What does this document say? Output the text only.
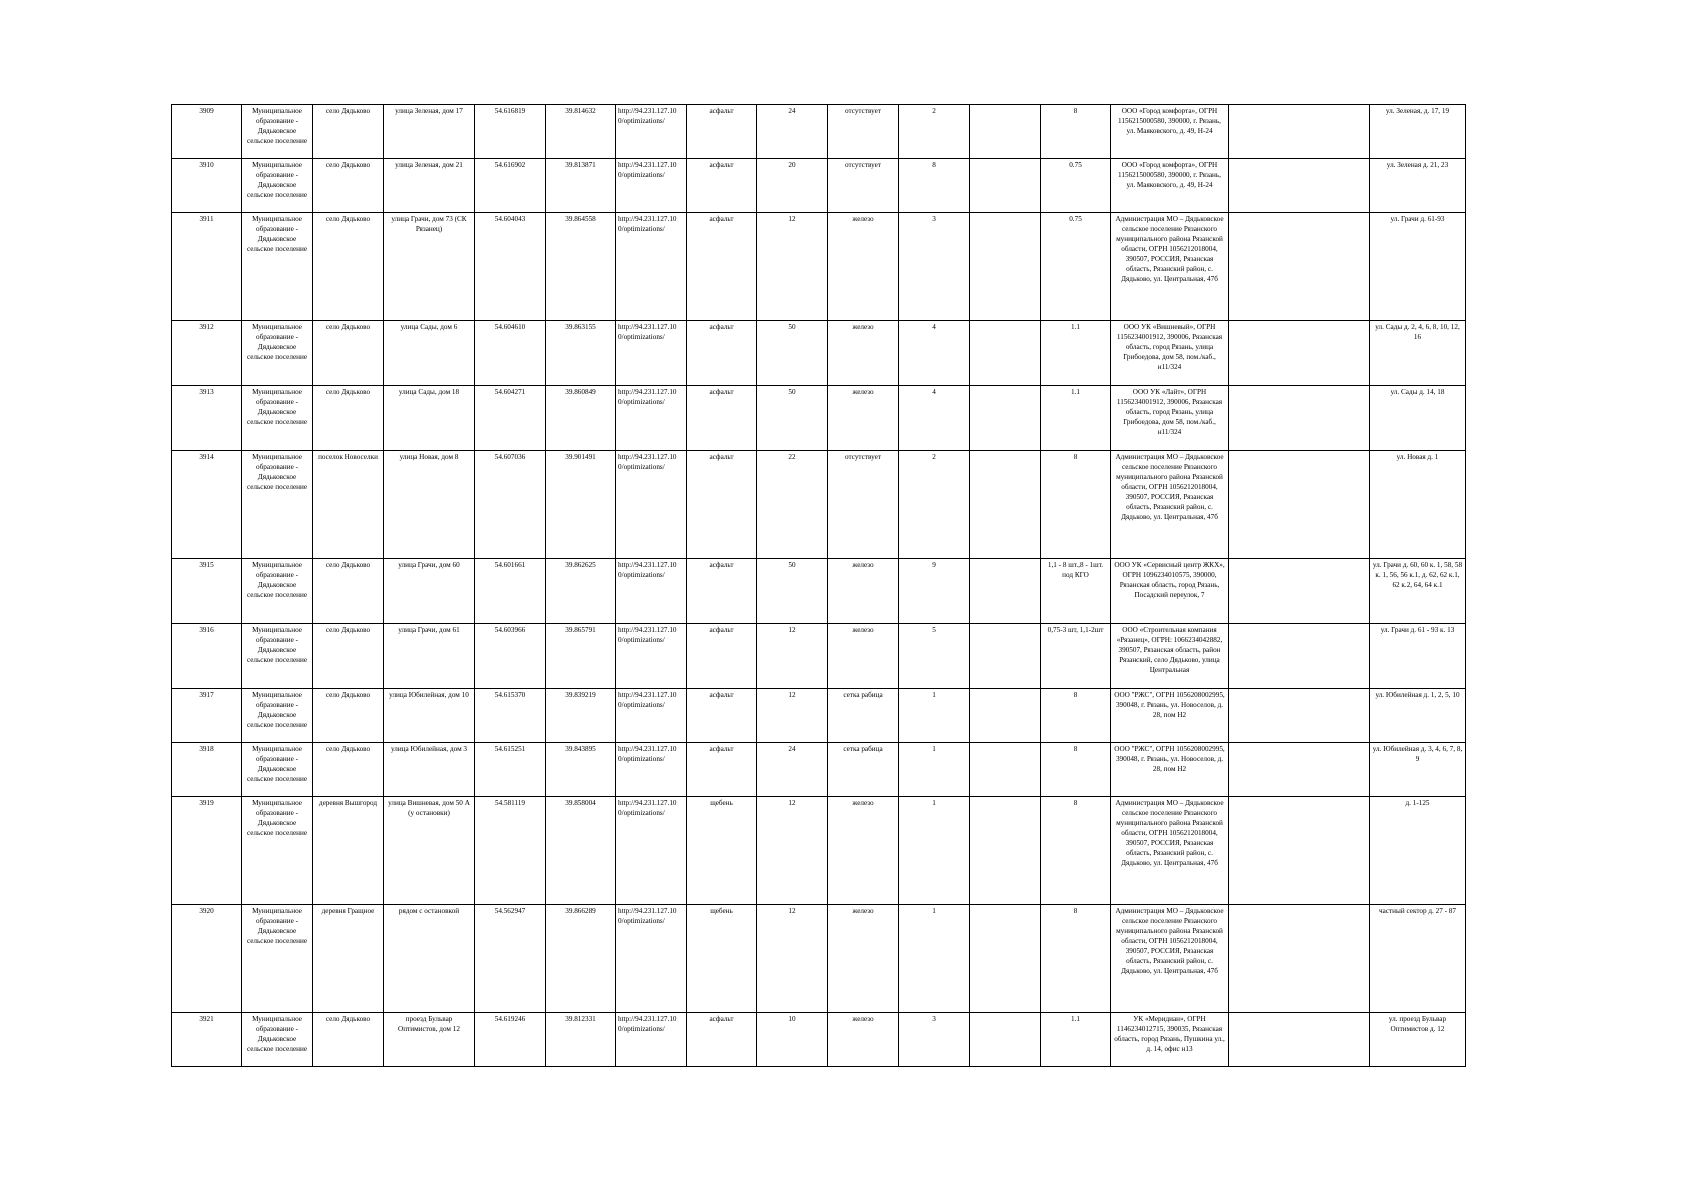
3909	Муниципальное образование - Дядьковское сельское поселение	село Дядьково	улица Зеленая, дом 17	54.616819	39.814632	http://94.231.127.10 0/optimizations/	асфальт	24	отсутствует	2		8	ООО «Город комфорта», ОГРН 1156215000580, 390000, г. Рязань, ул. Маяковского, д. 49, Н-24		ул. Зеленая, д. 17, 19
3910	Муниципальное образование - Дядьковское сельское поселение	село Дядьково	улица Зеленая, дом 21	54.616902	39.813871	http://94.231.127.10 0/optimizations/	асфальт	20	отсутствует	8		0.75	ООО «Город комфорта», ОГРН 1156215000580, 390000, г. Рязань, ул. Маяковского, д. 49, Н-24		ул. Зеленая д. 21, 23
3911	Муниципальное образование - Дядьковское сельское поселение	село Дядьково	улица Грачи, дом 73 (СК Рязанец)	54.604043	39.864558	http://94.231.127.10 0/optimizations/	асфальт	12	железо	3		0.75	Администрация МО – Дядьковское сельское поселение Рязанского муниципального района Рязанской области, ОГРН 1056212018004, 390507, РОССИЯ, Рязанская область, Рязанский район, с. Дядьково, ул. Центральная, 47б		ул. Грачи д. 61-93
3912	Муниципальное образование - Дядьковское сельское поселение	село Дядьково	улица Сады, дом 6	54.604610	39.863155	http://94.231.127.10 0/optimizations/	асфальт	50	железо	4		1.1	ООО УК «Вишневый», ОГРН 1156234001912, 390006, Рязанская область, город Рязань, улица Грибоедова, дом 58, пом./каб., н11/324		ул. Сады д. 2, 4, 6, 8, 10, 12, 16
3913	Муниципальное образование - Дядьковское сельское поселение	село Дядьково	улица Сады, дом 18	54.604271	39.860849	http://94.231.127.10 0/optimizations/	асфальт	50	железо	4		1.1	ООО УК «Лайт», ОГРН 1156234001912, 390006, Рязанская область, город Рязань, улица Грибоедова, дом 58, пом./каб., н11/324		ул. Сады д. 14, 18
3914	Муниципальное образование - Дядьковское сельское поселение	поселок Новоселки	улица Новая, дом 8	54.607036	39.901491	http://94.231.127.10 0/optimizations/	асфальт	22	отсутствует	2		8	Администрация МО – Дядьковское сельское поселение Рязанского муниципального района Рязанской области, ОГРН 1056212018004, 390507, РОССИЯ, Рязанская область, Рязанский район, с. Дядьково, ул. Центральная, 47б		ул. Новая д. 1
3915	Муниципальное образование - Дядьковское сельское поселение	село Дядьково	улица Грачи, дом 60	54.601661	39.862625	http://94.231.127.10 0/optimizations/	асфальт	50	железо	9		1,1 - 8 шт.,8 - 1шт. под КГО	ООО УК «Сервисный центр ЖКХ», ОГРН 1096234010575, 390000, Рязанская область, город Рязань, Посадский переулок, 7		ул. Грачи д. 60, 60 к. 1, 58, 58 к. 1, 56, 56 к.1, д. 62, 62 к.1, 62 к.2, 64, 64 к.1
3916	Муниципальное образование - Дядьковское сельское поселение	село Дядьково	улица Грачи, дом 61	54.603966	39.865791	http://94.231.127.10 0/optimizations/	асфальт	12	железо	5		0,75-3 шт, 1,1-2шт	ООО «Строительная компания «Рязанец», ОГРН: 1066234042882, 390507, Рязанская область, район Рязанский, село Дядьково, улица Центральная		ул. Грачи д. 61 - 93 к. 13
3917	Муниципальное образование - Дядьковское сельское поселение	село Дядьково	улица Юбилейная, дом 10	54.615370	39.839219	http://94.231.127.10 0/optimizations/	асфальт	12	сетка рабица	1		8	ООО "РЖС", ОГРН 1056208002995, 390048, г. Рязань, ул. Новоселов, д. 28, пом Н2		ул. Юбилейная д. 1, 2, 5, 10
3918	Муниципальное образование - Дядьковское сельское поселение	село Дядьково	улица Юбилейная, дом 3	54.615251	39.843895	http://94.231.127.10 0/optimizations/	асфальт	24	сетка рабица	1		8	ООО "РЖС", ОГРН 1056208002995, 390048, г. Рязань, ул. Новоселов, д. 28, пом Н2		ул. Юбилейная д. 3, 4, 6, 7, 8, 9
3919	Муниципальное образование - Дядьковское сельское поселение	деревня Вышгород	улица Вишневая, дом 50 А (у остановки)	54.581119	39.858004	http://94.231.127.10 0/optimizations/	щебень	12	железо	1		8	Администрация МО – Дядьковское сельское поселение Рязанского муниципального района Рязанской области, ОГРН 1056212018004, 390507, РОССИЯ, Рязанская область, Рязанский район, с. Дядьково, ул. Центральная, 47б		д. 1-125
3920	Муниципальное образование - Дядьковское сельское поселение	деревня Гращное	рядом с остановкой	54.562947	39.866289	http://94.231.127.10 0/optimizations/	щебень	12	железо	1		8	Администрация МО – Дядьковское сельское поселение Рязанского муниципального района Рязанской области, ОГРН 1056212018004, 390507, РОССИЯ, Рязанская область, Рязанский район, с. Дядьково, ул. Центральная, 47б		частный сектор д. 27 - 87
3921	Муниципальное образование - Дядьковское сельское поселение	село Дядьково	проезд Бульвар Оптимистов, дом 12	54.619246	39.812331	http://94.231.127.10 0/optimizations/	асфальт	10	железо	3		1.1	УК «Меридиан», ОГРН 1146234012715, 390035, Рязанская область, город Рязань, Пушкина ул., д. 14, офис н13		ул. проезд Бульвар Оптимистов д. 12
